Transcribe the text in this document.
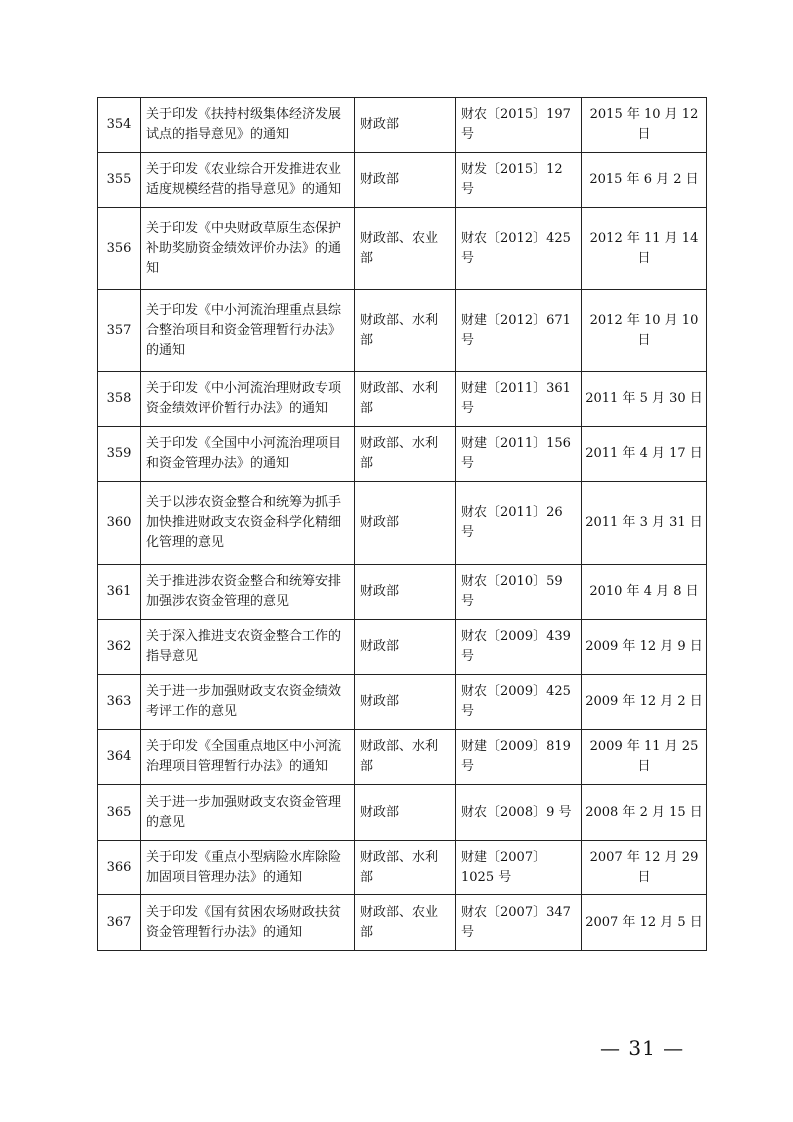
354	关于印发《扶持村级集体经济发展试点的指导意见》的通知	财政部	财农〔2015〕197 号	2015 年 10 月 12 日
355	关于印发《农业综合开发推进农业适度规模经营的指导意见》的通知	财政部	财发〔2015〕12 号	2015 年 6 月 2 日
356	关于印发《中央财政草原生态保护补助奖励资金绩效评价办法》的通知	财政部、农业部	财农〔2012〕425 号	2012 年 11 月 14 日
357	关于印发《中小河流治理重点县综合整治项目和资金管理暂行办法》的通知	财政部、水利部	财建〔2012〕671 号	2012 年 10 月 10 日
358	关于印发《中小河流治理财政专项资金绩效评价暂行办法》的通知	财政部、水利部	财建〔2011〕361 号	2011 年 5 月 30 日
359	关于印发《全国中小河流治理项目和资金管理办法》的通知	财政部、水利部	财建〔2011〕156 号	2011 年 4 月 17 日
360	关于以涉农资金整合和统筹为抓手加快推进财政支农资金科学化精细化管理的意见	财政部	财农〔2011〕26 号	2011 年 3 月 31 日
361	关于推进涉农资金整合和统筹安排加强涉农资金管理的意见	财政部	财农〔2010〕59 号	2010 年 4 月 8 日
362	关于深入推进支农资金整合工作的指导意见	财政部	财农〔2009〕439 号	2009 年 12 月 9 日
363	关于进一步加强财政支农资金绩效考评工作的意见	财政部	财农〔2009〕425 号	2009 年 12 月 2 日
364	关于印发《全国重点地区中小河流治理项目管理暂行办法》的通知	财政部、水利部	财建〔2009〕819 号	2009 年 11 月 25 日
365	关于进一步加强财政支农资金管理的意见	财政部	财农〔2008〕9 号	2008 年 2 月 15 日
366	关于印发《重点小型病险水库除险加固项目管理办法》的通知	财政部、水利部	财建〔2007〕1025 号	2007 年 12 月 29 日
367	关于印发《国有贫困农场财政扶贫资金管理暂行办法》的通知	财政部、农业部	财农〔2007〕347 号	2007 年 12 月 5 日
— 31 —
